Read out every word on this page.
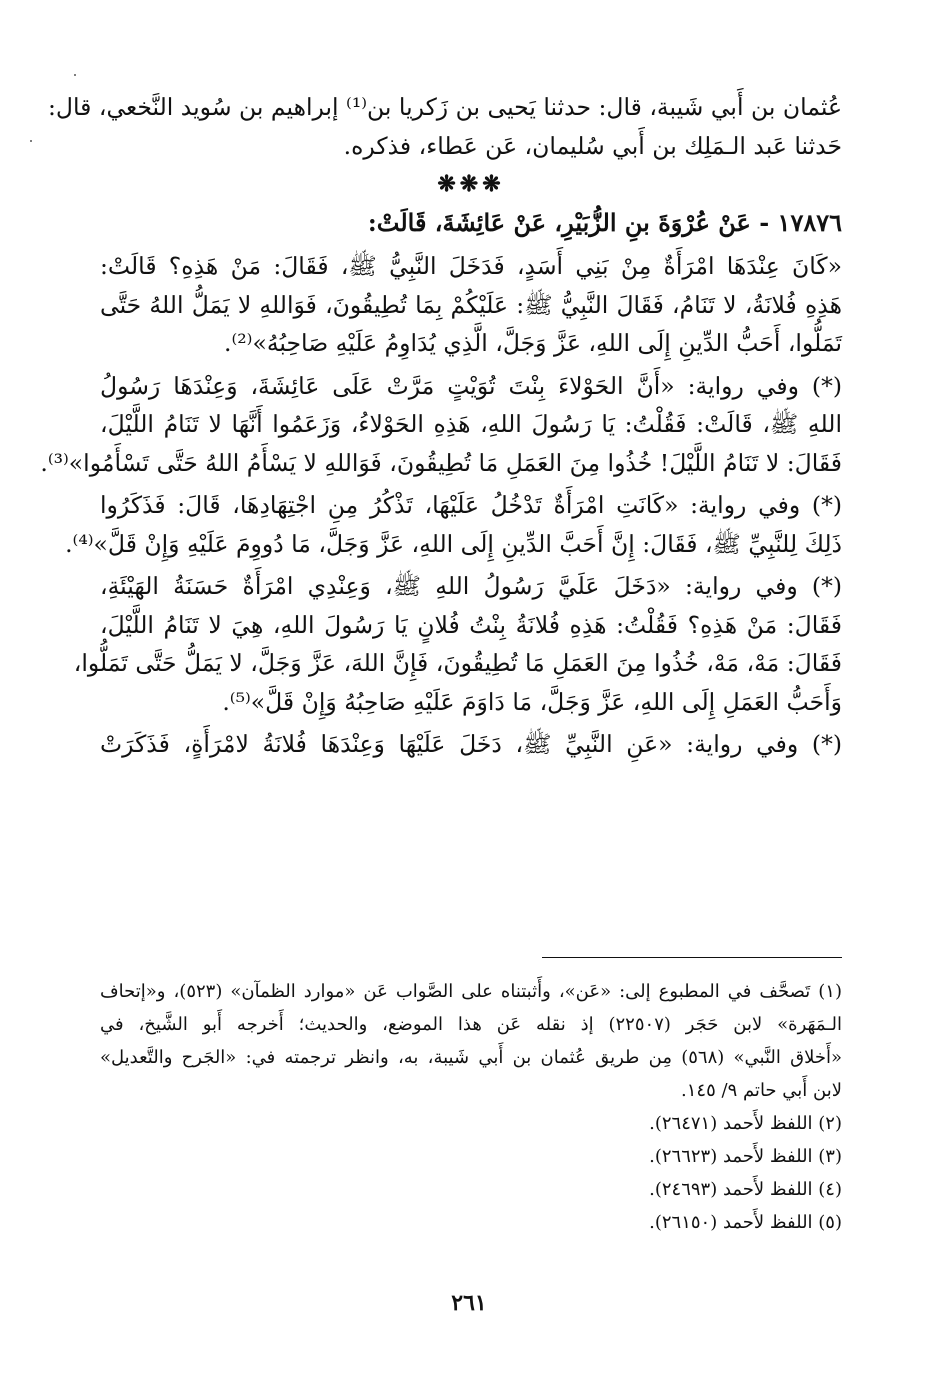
عُثمان بن أَبي شَيبة، قال: حدثنا يَحيى بن زَكريا بن⁽¹⁾ إبراهيم بن سُويد النَّخعي، قال:
حَدثنا عَبد الـمَلِك بن أَبي سُليمان، عَن عَطاء، فذكره.
❋❋❋
١٧٨٧٦ - عَنْ عُرْوَةَ بنِ الزُّبَيْرِ، عَنْ عَائِشَةَ، قَالَتْ:
«كَانَ عِنْدَهَا امْرَأَةٌ مِنْ بَنِي أَسَدٍ، فَدَخَلَ النَّبِيُّ ﷺ، فَقَالَ: مَنْ هَذِهِ؟ قَالَتْ:
هَذِهِ فُلانَةُ، لا تَنَامُ، فَقَالَ النَّبِيُّ ﷺ: عَلَيْكُمْ بِمَا تُطِيقُونَ، فَوَاللهِ لا يَمَلُّ اللهُ حَتَّى
تَمَلُّوا، أَحَبُّ الدِّينِ إِلَى اللهِ، عَزَّ وَجَلَّ، الَّذِي يُدَاوِمُ عَلَيْهِ صَاحِبُهُ»⁽²⁾.
(*) وفي رواية: «أَنَّ الحَوْلاءَ بِنْتَ تُوَيْتٍ مَرَّتْ عَلَى عَائِشَةَ، وَعِنْدَهَا رَسُولُ
اللهِ ﷺ، قَالَتْ: فَقُلْتُ: يَا رَسُولَ اللهِ، هَذِهِ الحَوْلاءُ، وَزَعَمُوا أَنَّهَا لا تَنَامُ اللَّيْلَ،
فَقَالَ: لا تَنَامُ اللَّيْلَ! خُذُوا مِنَ العَمَلِ مَا تُطِيقُونَ، فَوَاللهِ لا يَسْأَمُ اللهُ حَتَّى تَسْأَمُوا»⁽³⁾.
(*) وفي رواية: «كَانَتِ امْرَأَةٌ تَدْخُلُ عَلَيْهَا، تَذْكُرُ مِنِ اجْتِهَادِهَا، قَالَ: فَذَكَرُوا
ذَلِكَ لِلنَّبِيِّ ﷺ، فَقَالَ: إِنَّ أَحَبَّ الدِّينِ إِلَى اللهِ، عَزَّ وَجَلَّ، مَا دُووِمَ عَلَيْهِ وَإِنْ قَلَّ»⁽⁴⁾.
(*) وفي رواية: «دَخَلَ عَلَيَّ رَسُولُ اللهِ ﷺ، وَعِنْدِي امْرَأَةٌ حَسَنَةُ الهَيْئَةِ،
فَقَالَ: مَنْ هَذِهِ؟ فَقُلْتُ: هَذِهِ فُلانَةُ بِنْتُ فُلانٍ يَا رَسُولَ اللهِ، هِيَ لا تَنَامُ اللَّيْلَ،
فَقَالَ: مَهْ، مَهْ، خُذُوا مِنَ العَمَلِ مَا تُطِيقُونَ، فَإِنَّ اللهَ، عَزَّ وَجَلَّ، لا يَمَلُّ حَتَّى تَمَلُّوا،
وَأَحَبُّ العَمَلِ إِلَى اللهِ، عَزَّ وَجَلَّ، مَا دَاوَمَ عَلَيْهِ صَاحِبُهُ وَإِنْ قَلَّ»⁽⁵⁾.
(*) وفي رواية: «عَنِ النَّبِيِّ ﷺ، دَخَلَ عَلَيْهَا وَعِنْدَهَا فُلانَةُ لامْرَأَةٍ، فَذَكَرَتْ
(١) تَصحَّف في المطبوع إلى: «عَن»، وأَثبتناه على الصَّواب عَن «موارد الظمآن» (٥٢٣)، و«إتحاف
الـمَهَرة» لابن حَجَر (٢٢٥٠٧) إذ نقله عَن هذا الموضع، والحديث؛ أَخرجه أَبو الشَّيخ، في
«أَخلاق النَّبي» (٥٦٨) مِن طريق عُثمان بن أَبي شَيبة، به، وانظر ترجمته في: «الجَرح والتَّعديل»
لابن أَبي حاتم ٩/ ١٤٥.
(٢) اللفظ لأَحمد (٢٦٤٧١).
(٣) اللفظ لأَحمد (٢٦٦٢٣).
(٤) اللفظ لأَحمد (٢٤٦٩٣).
(٥) اللفظ لأَحمد (٢٦١٥٠).
٢٦١
